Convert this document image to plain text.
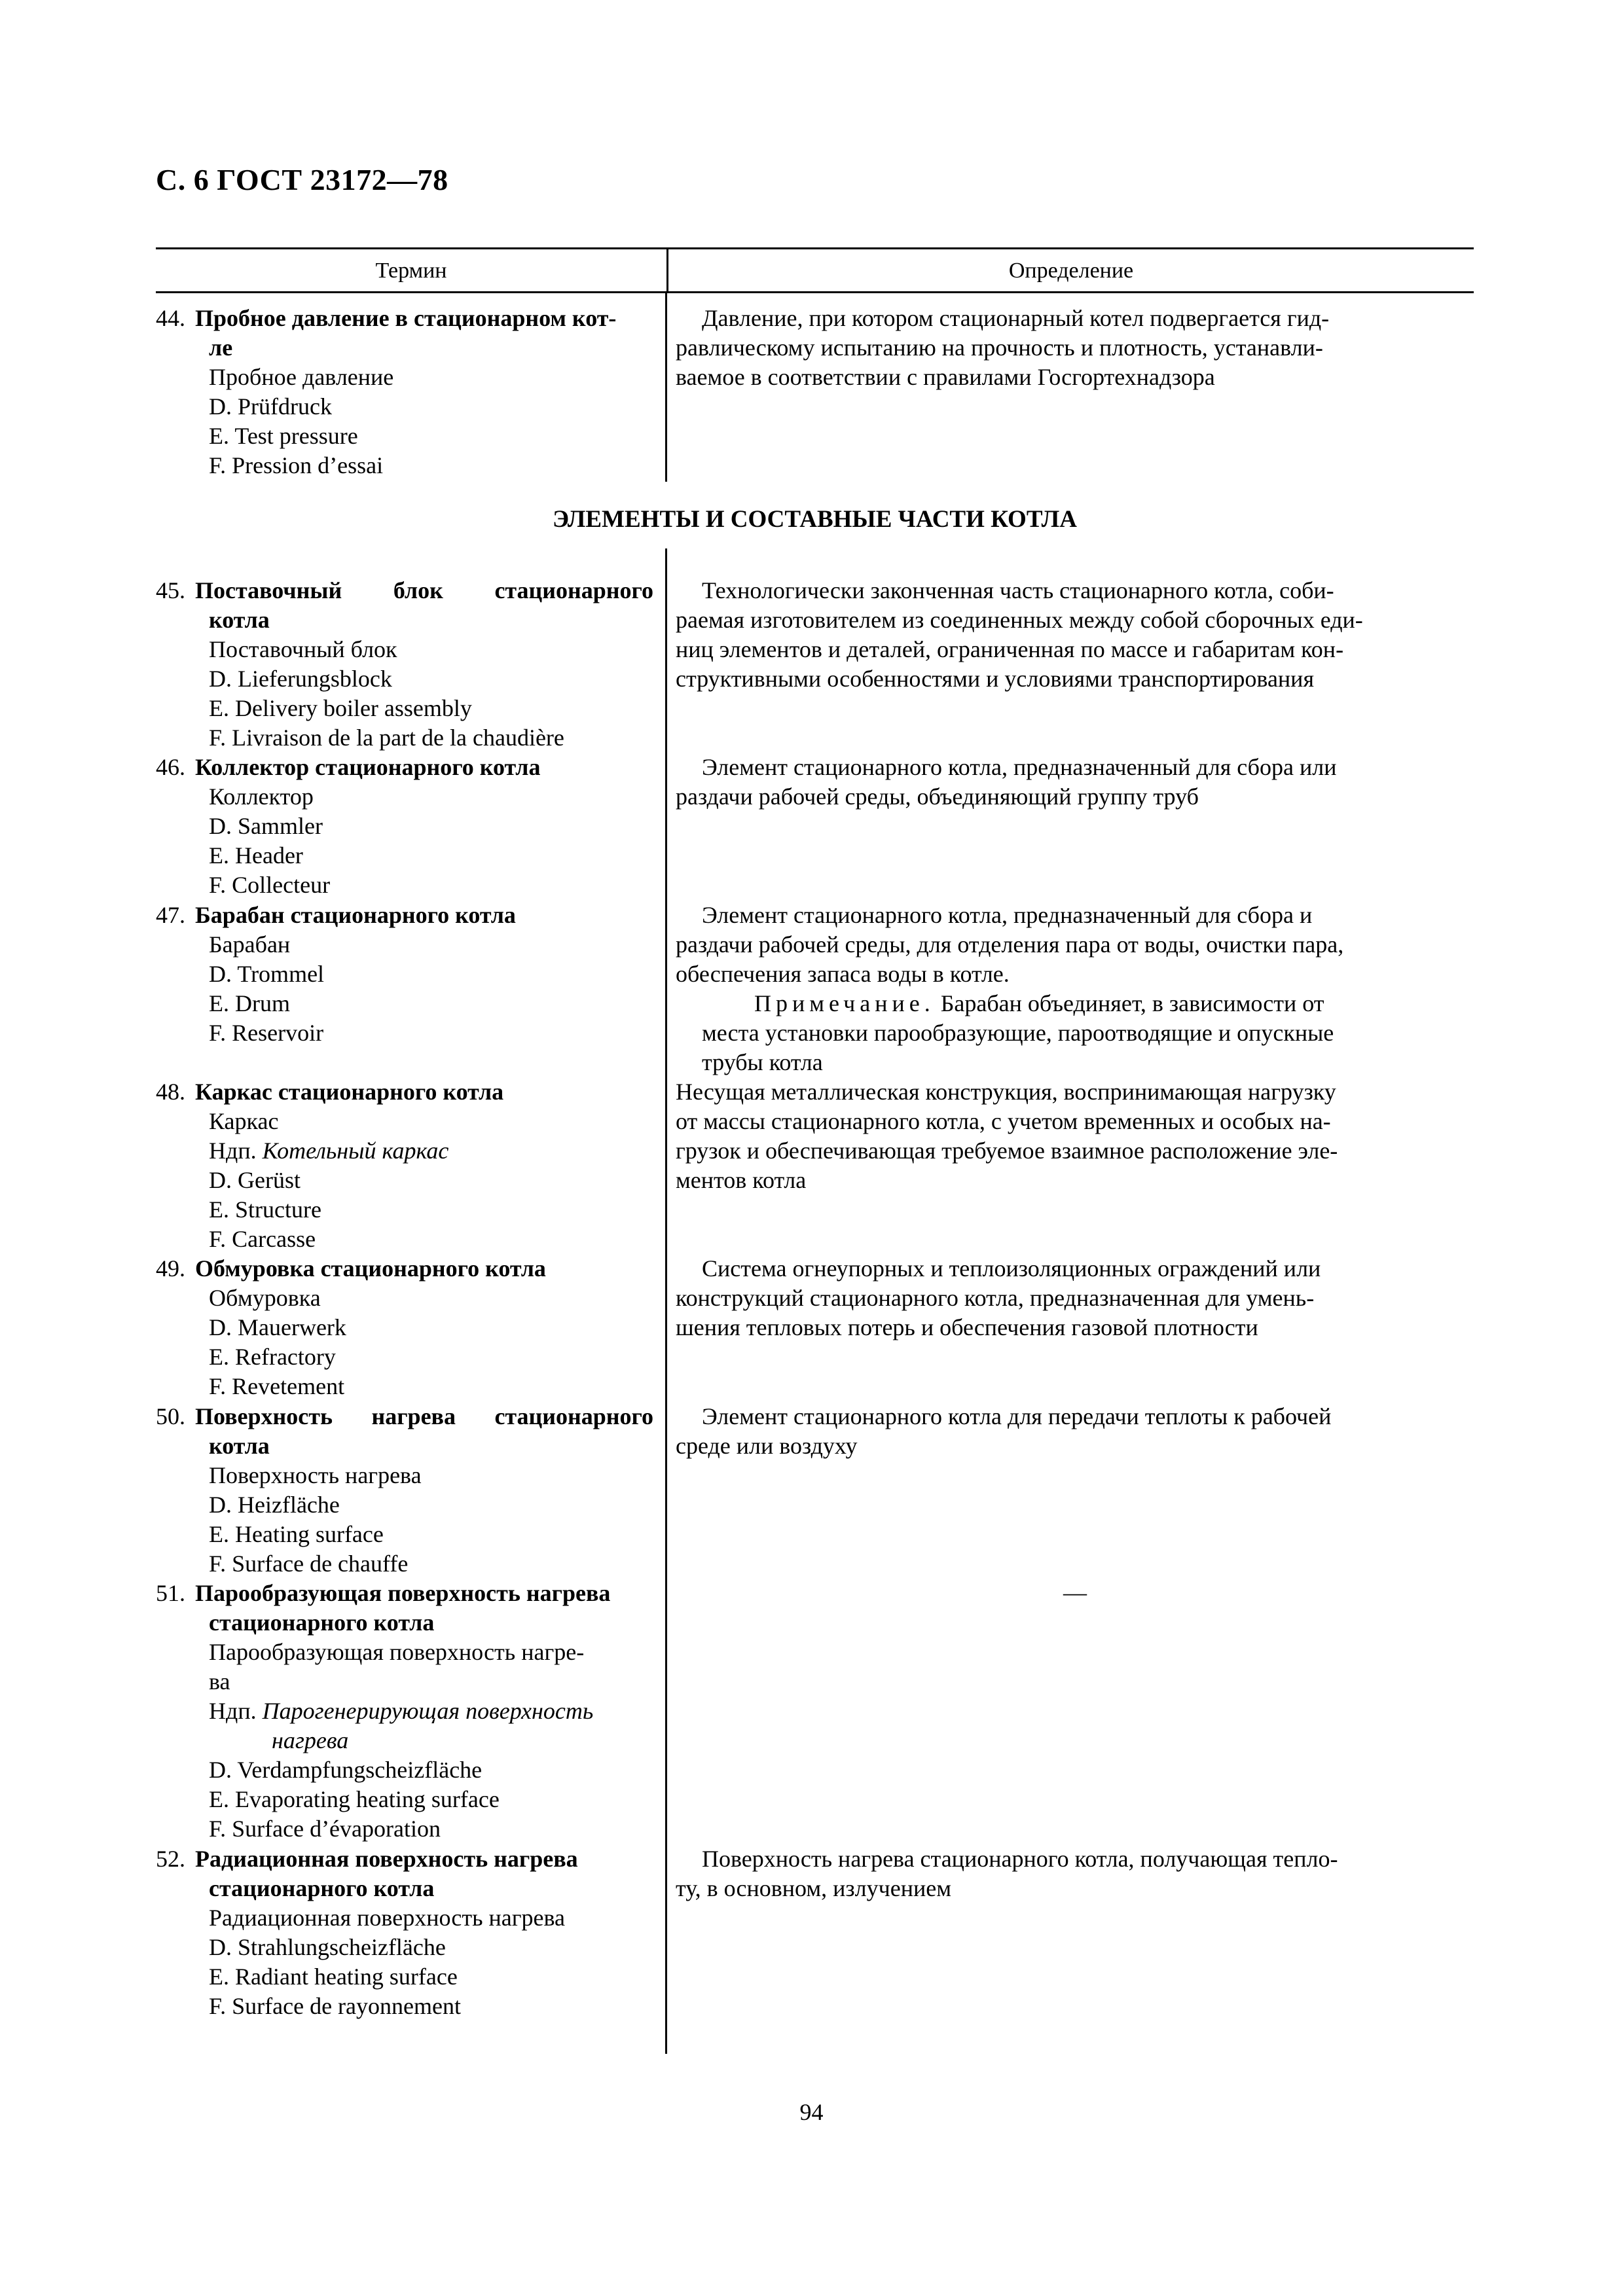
С. 6 ГОСТ 23172—78
Термин	Определение
44. Пробное давление в стационарном кот-
ле
Пробное давление
D. Prüfdruck
E. Test pressure
F. Pression d’essai
Давление, при котором стационарный котел подвергается гид-
равлическому испытанию на прочность и плотность, устанавли-
ваемое в соответствии с правилами Госгортехнадзора
ЭЛЕМЕНТЫ И СОСТАВНЫЕ ЧАСТИ КОТЛА
45. Поставочный блок стационарного
котла
Поставочный блок
D. Lieferungsblock
E. Delivery boiler assembly
F. Livraison de la part de la chaudière
Технологически законченная часть стационарного котла, соби-
раемая изготовителем из соединенных между собой сборочных еди-
ниц элементов и деталей, ограниченная по массе и габаритам кон-
структивными особенностями и условиями транспортирования
46. Коллектор стационарного котла
Коллектор
D. Sammler
E. Header
F. Collecteur
Элемент стационарного котла, предназначенный для сбора или
раздачи рабочей среды, объединяющий группу труб
47. Барабан стационарного котла
Барабан
D. Trommel
E. Drum
F. Reservoir
Элемент стационарного котла, предназначенный для сбора и
раздачи рабочей среды, для отделения пара от воды, очистки пара,
обеспечения запаса воды в котле.
Примечание. Барабан объединяет, в зависимости от
места установки парообразующие, пароотводящие и опускные
трубы котла
48. Каркас стационарного котла
Каркас
Ндп. Котельный каркас
D. Gerüst
E. Structure
F. Carcasse
Несущая металлическая конструкция, воспринимающая нагрузку
от массы стационарного котла, с учетом временных и особых на-
грузок и обеспечивающая требуемое взаимное расположение эле-
ментов котла
49. Обмуровка стационарного котла
Обмуровка
D. Mauerwerk
E. Refractory
F. Revetement
Система огнеупорных и теплоизоляционных ограждений или
конструкций стационарного котла, предназначенная для умень-
шения тепловых потерь и обеспечения газовой плотности
50. Поверхность нагрева стационарного
котла
Поверхность нагрева
D. Heizfläche
E. Heating surface
F. Surface de chauffe
Элемент стационарного котла для передачи теплоты к рабочей
среде или воздуху
51. Парообразующая поверхность нагрева
стационарного котла
Парообразующая поверхность нагре-
ва
Ндп. Парогенерирующая поверхность
нагрева
D. Verdampfungscheizfläche
E. Evaporating heating surface
F. Surface d’évaporation
—
52. Радиационная поверхность нагрева
стационарного котла
Радиационная поверхность нагрева
D. Strahlungscheizfläche
E. Radiant heating surface
F. Surface de rayonnement
Поверхность нагрева стационарного котла, получающая тепло-
ту, в основном, излучением
94
